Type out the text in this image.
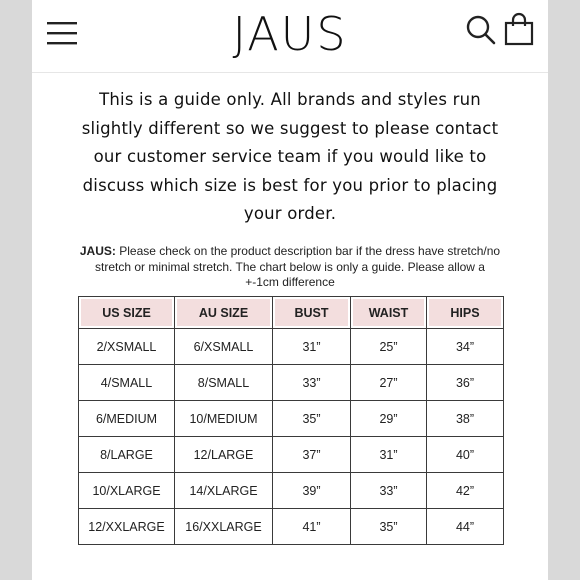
JAUS
This is a guide only. All brands and styles run slightly different so we suggest to please contact our customer service team if you would like to discuss which size is best for you prior to placing your order.
JAUS: Please check on the product description bar if the dress have stretch/no stretch or minimal stretch. The chart below is only a guide. Please allow a +-1cm difference
US SIZE	AU SIZE	BUST	WAIST	HIPS
2/XSMALL	6/XSMALL	31”	25”	34”
4/SMALL	8/SMALL	33”	27”	36”
6/MEDIUM	10/MEDIUM	35”	29”	38”
8/LARGE	12/LARGE	37”	31”	40”
10/XLARGE	14/XLARGE	39”	33”	42”
12/XXLARGE	16/XXLARGE	41”	35”	44”
